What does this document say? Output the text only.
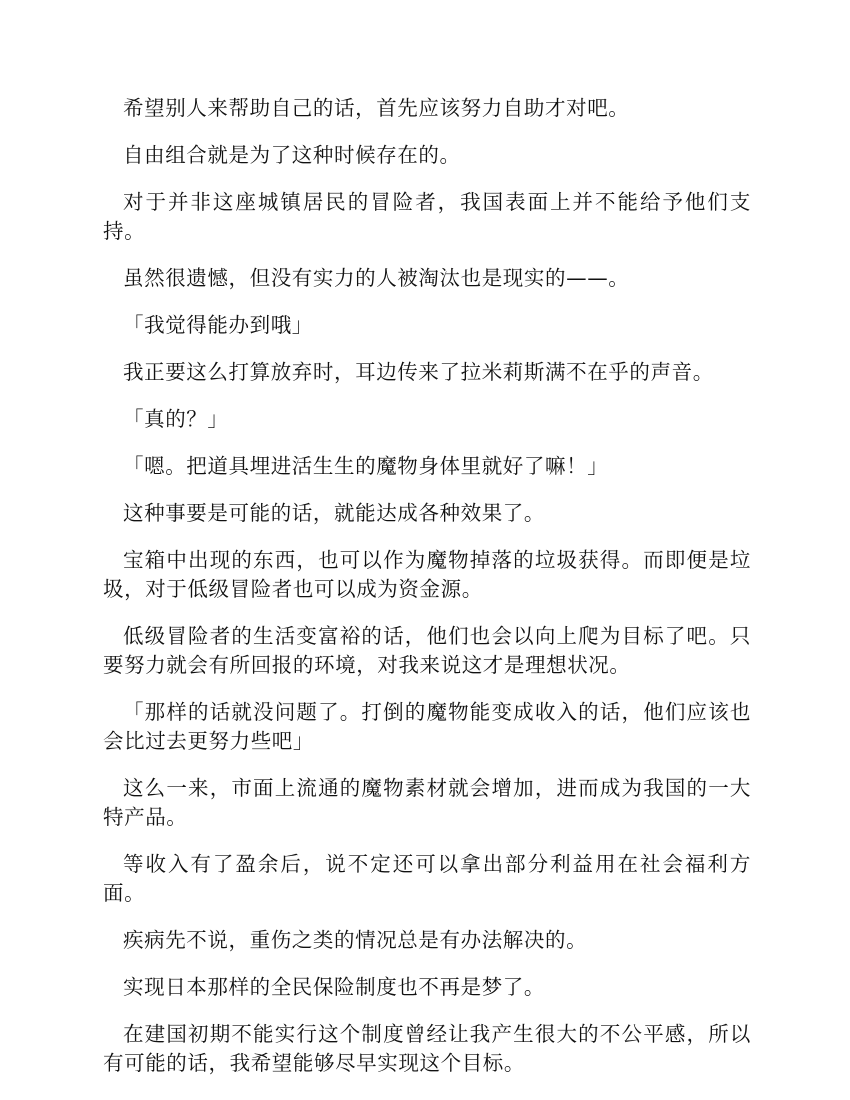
希望别人来帮助自己的话，首先应该努力自助才对吧。

自由组合就是为了这种时候存在的。

对于并非这座城镇居民的冒险者，我国表面上并不能给予他们支持。

虽然很遗憾，但没有实力的人被淘汰也是现实的——。

「我觉得能办到哦」

我正要这么打算放弃时，耳边传来了拉米莉斯满不在乎的声音。

「真的？」

「嗯。把道具埋进活生生的魔物身体里就好了嘛！」

这种事要是可能的话，就能达成各种效果了。

宝箱中出现的东西，也可以作为魔物掉落的垃圾获得。而即便是垃圾，对于低级冒险者也可以成为资金源。

低级冒险者的生活变富裕的话，他们也会以向上爬为目标了吧。只要努力就会有所回报的环境，对我来说这才是理想状况。

「那样的话就没问题了。打倒的魔物能变成收入的话，他们应该也会比过去更努力些吧」

这么一来，市面上流通的魔物素材就会增加，进而成为我国的一大特产品。

等收入有了盈余后，说不定还可以拿出部分利益用在社会福利方面。

疾病先不说，重伤之类的情况总是有办法解决的。

实现日本那样的全民保险制度也不再是梦了。

在建国初期不能实行这个制度曾经让我产生很大的不公平感，所以有可能的话，我希望能够尽早实现这个目标。
